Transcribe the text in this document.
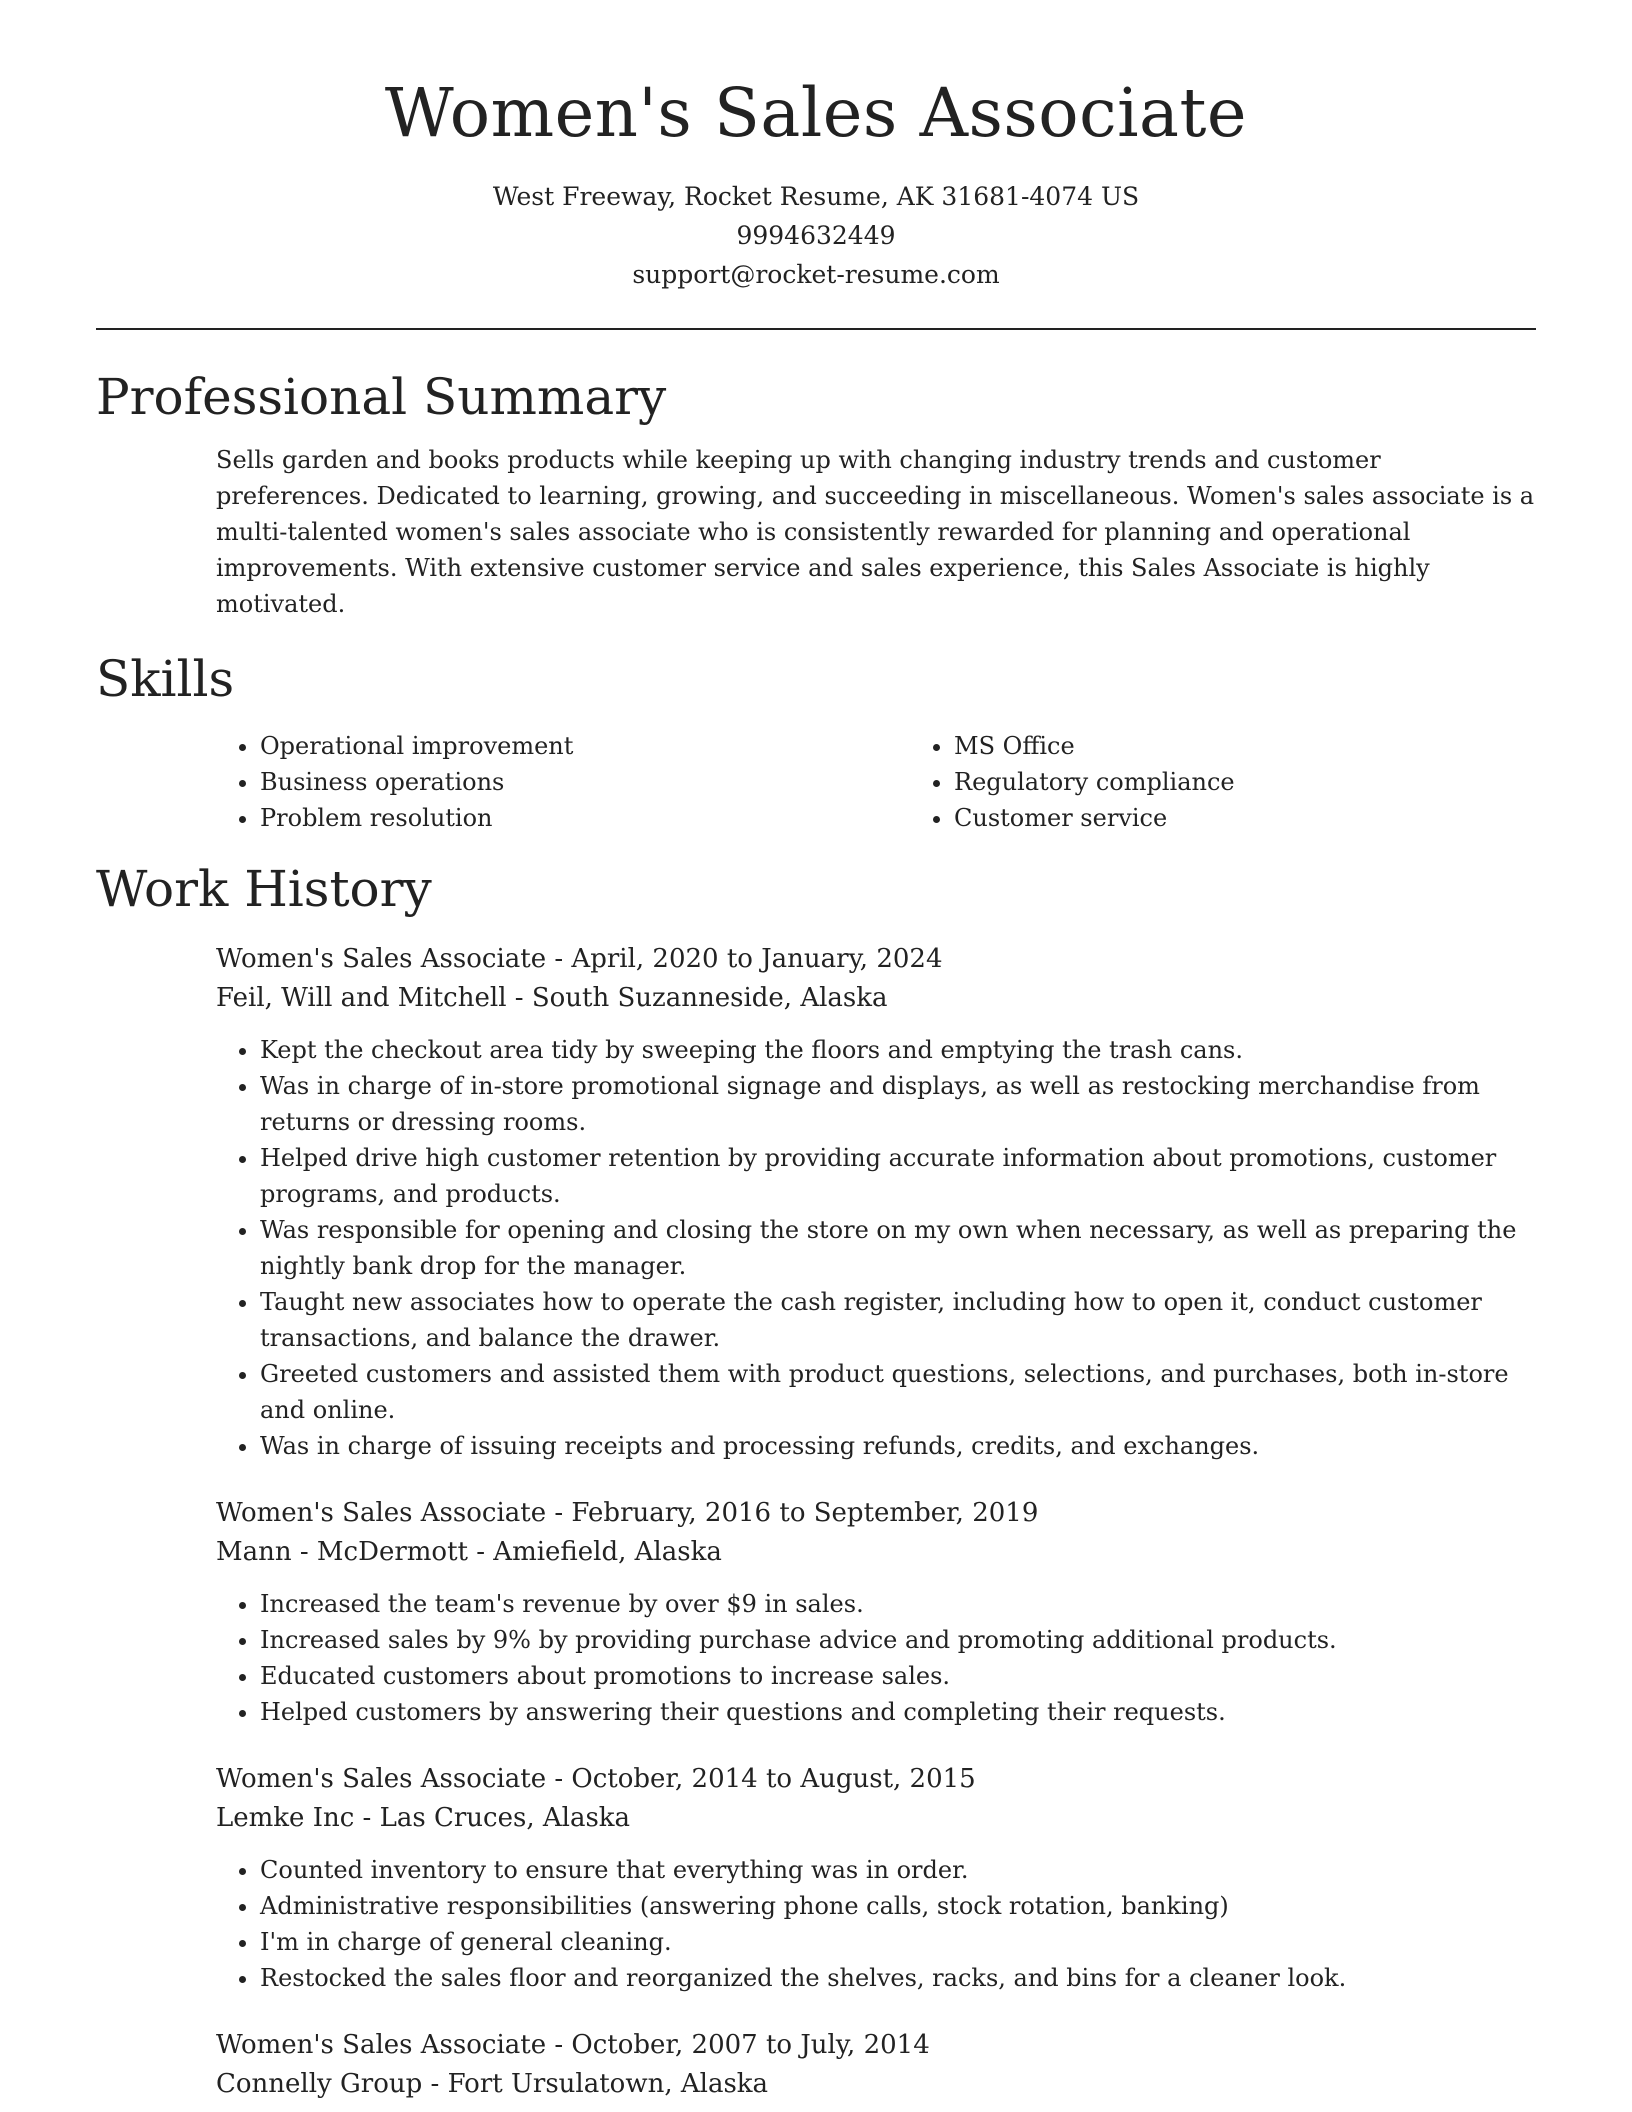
Women's Sales Associate
West Freeway, Rocket Resume, AK 31681-4074 US
9994632449
support@rocket-resume.com
Professional Summary

Sells garden and books products while keeping up with changing industry trends and customer preferences. Dedicated to learning, growing, and succeeding in miscellaneous. Women's sales associate is a multi-talented women's sales associate who is consistently rewarded for planning and operational improvements. With extensive customer service and sales experience, this Sales Associate is highly motivated.

Skills
• Operational improvement
• Business operations
• Problem resolution
• MS Office
• Regulatory compliance
• Customer service
Work History
Women's Sales Associate - April, 2020 to January, 2024
Feil, Will and Mitchell - South Suzanneside, Alaska
• Kept the checkout area tidy by sweeping the floors and emptying the trash cans.
• Was in charge of in-store promotional signage and displays, as well as restocking merchandise from returns or dressing rooms.
• Helped drive high customer retention by providing accurate information about promotions, customer programs, and products.
• Was responsible for opening and closing the store on my own when necessary, as well as preparing the nightly bank drop for the manager.
• Taught new associates how to operate the cash register, including how to open it, conduct customer transactions, and balance the drawer.
• Greeted customers and assisted them with product questions, selections, and purchases, both in-store and online.
• Was in charge of issuing receipts and processing refunds, credits, and exchanges.
Women's Sales Associate - February, 2016 to September, 2019
Mann - McDermott - Amiefield, Alaska
• Increased the team's revenue by over $9 in sales.
• Increased sales by 9% by providing purchase advice and promoting additional products.
• Educated customers about promotions to increase sales.
• Helped customers by answering their questions and completing their requests.
Women's Sales Associate - October, 2014 to August, 2015
Lemke Inc - Las Cruces, Alaska
• Counted inventory to ensure that everything was in order.
• Administrative responsibilities (answering phone calls, stock rotation, banking)
• I'm in charge of general cleaning.
• Restocked the sales floor and reorganized the shelves, racks, and bins for a cleaner look.
Women's Sales Associate - October, 2007 to July, 2014
Connelly Group - Fort Ursulatown, Alaska
